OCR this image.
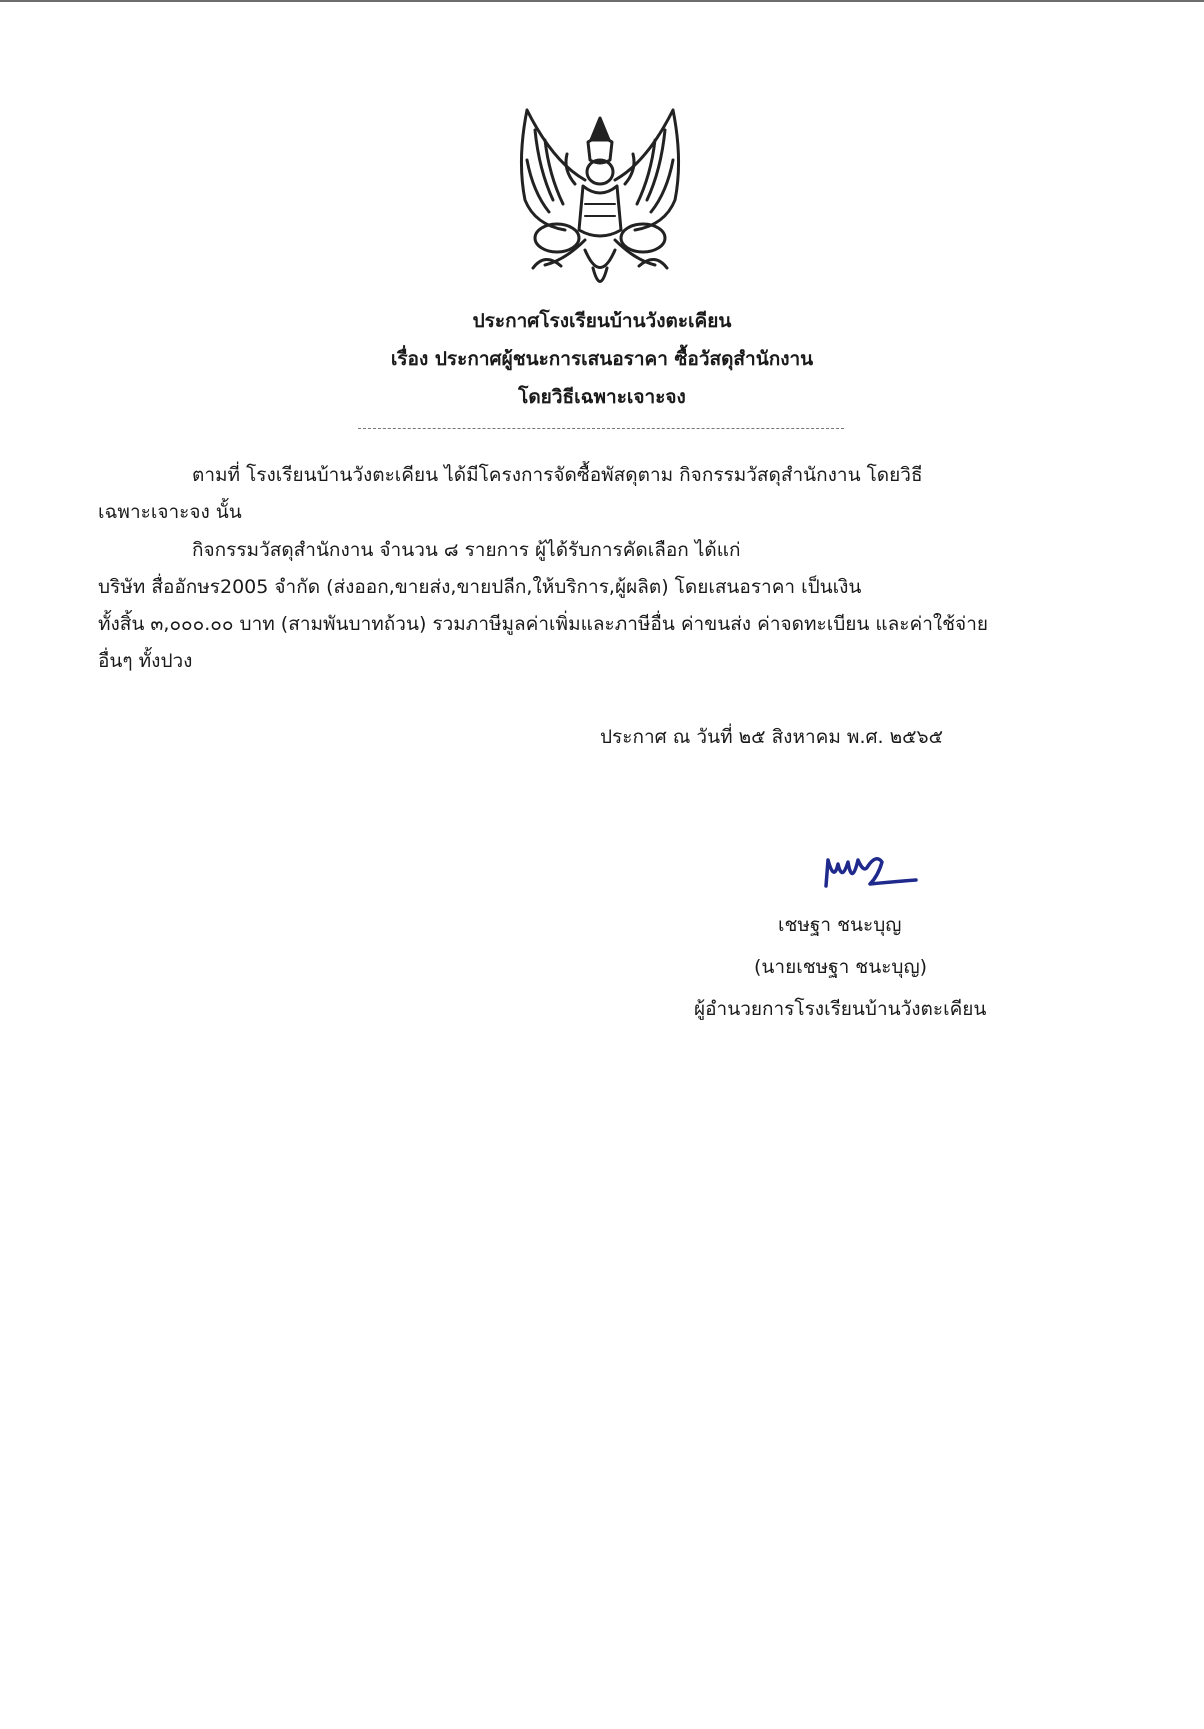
ประกาศโรงเรียนบ้านวังตะเคียน
เรื่อง ประกาศผู้ชนะการเสนอราคา ซื้อวัสดุสำนักงาน
โดยวิธีเฉพาะเจาะจง
ตามที่ โรงเรียนบ้านวังตะเคียน ได้มีโครงการจัดซื้อพัสดุตาม กิจกรรมวัสดุสำนักงาน โดยวิธี
เฉพาะเจาะจง นั้น
กิจกรรมวัสดุสำนักงาน จำนวน ๘ รายการ ผู้ได้รับการคัดเลือก ได้แก่
บริษัท สื่ออักษร2005 จำกัด (ส่งออก,ขายส่ง,ขายปลีก,ให้บริการ,ผู้ผลิต) โดยเสนอราคา เป็นเงิน
ทั้งสิ้น ๓,๐๐๐.๐๐ บาท (สามพันบาทถ้วน) รวมภาษีมูลค่าเพิ่มและภาษีอื่น ค่าขนส่ง ค่าจดทะเบียน และค่าใช้จ่าย
อื่นๆ ทั้งปวง
ประกาศ ณ วันที่ ๒๕ สิงหาคม พ.ศ. ๒๕๖๕
เชษฐา ชนะบุญ
(นายเชษฐา ชนะบุญ)
ผู้อำนวยการโรงเรียนบ้านวังตะเคียน
